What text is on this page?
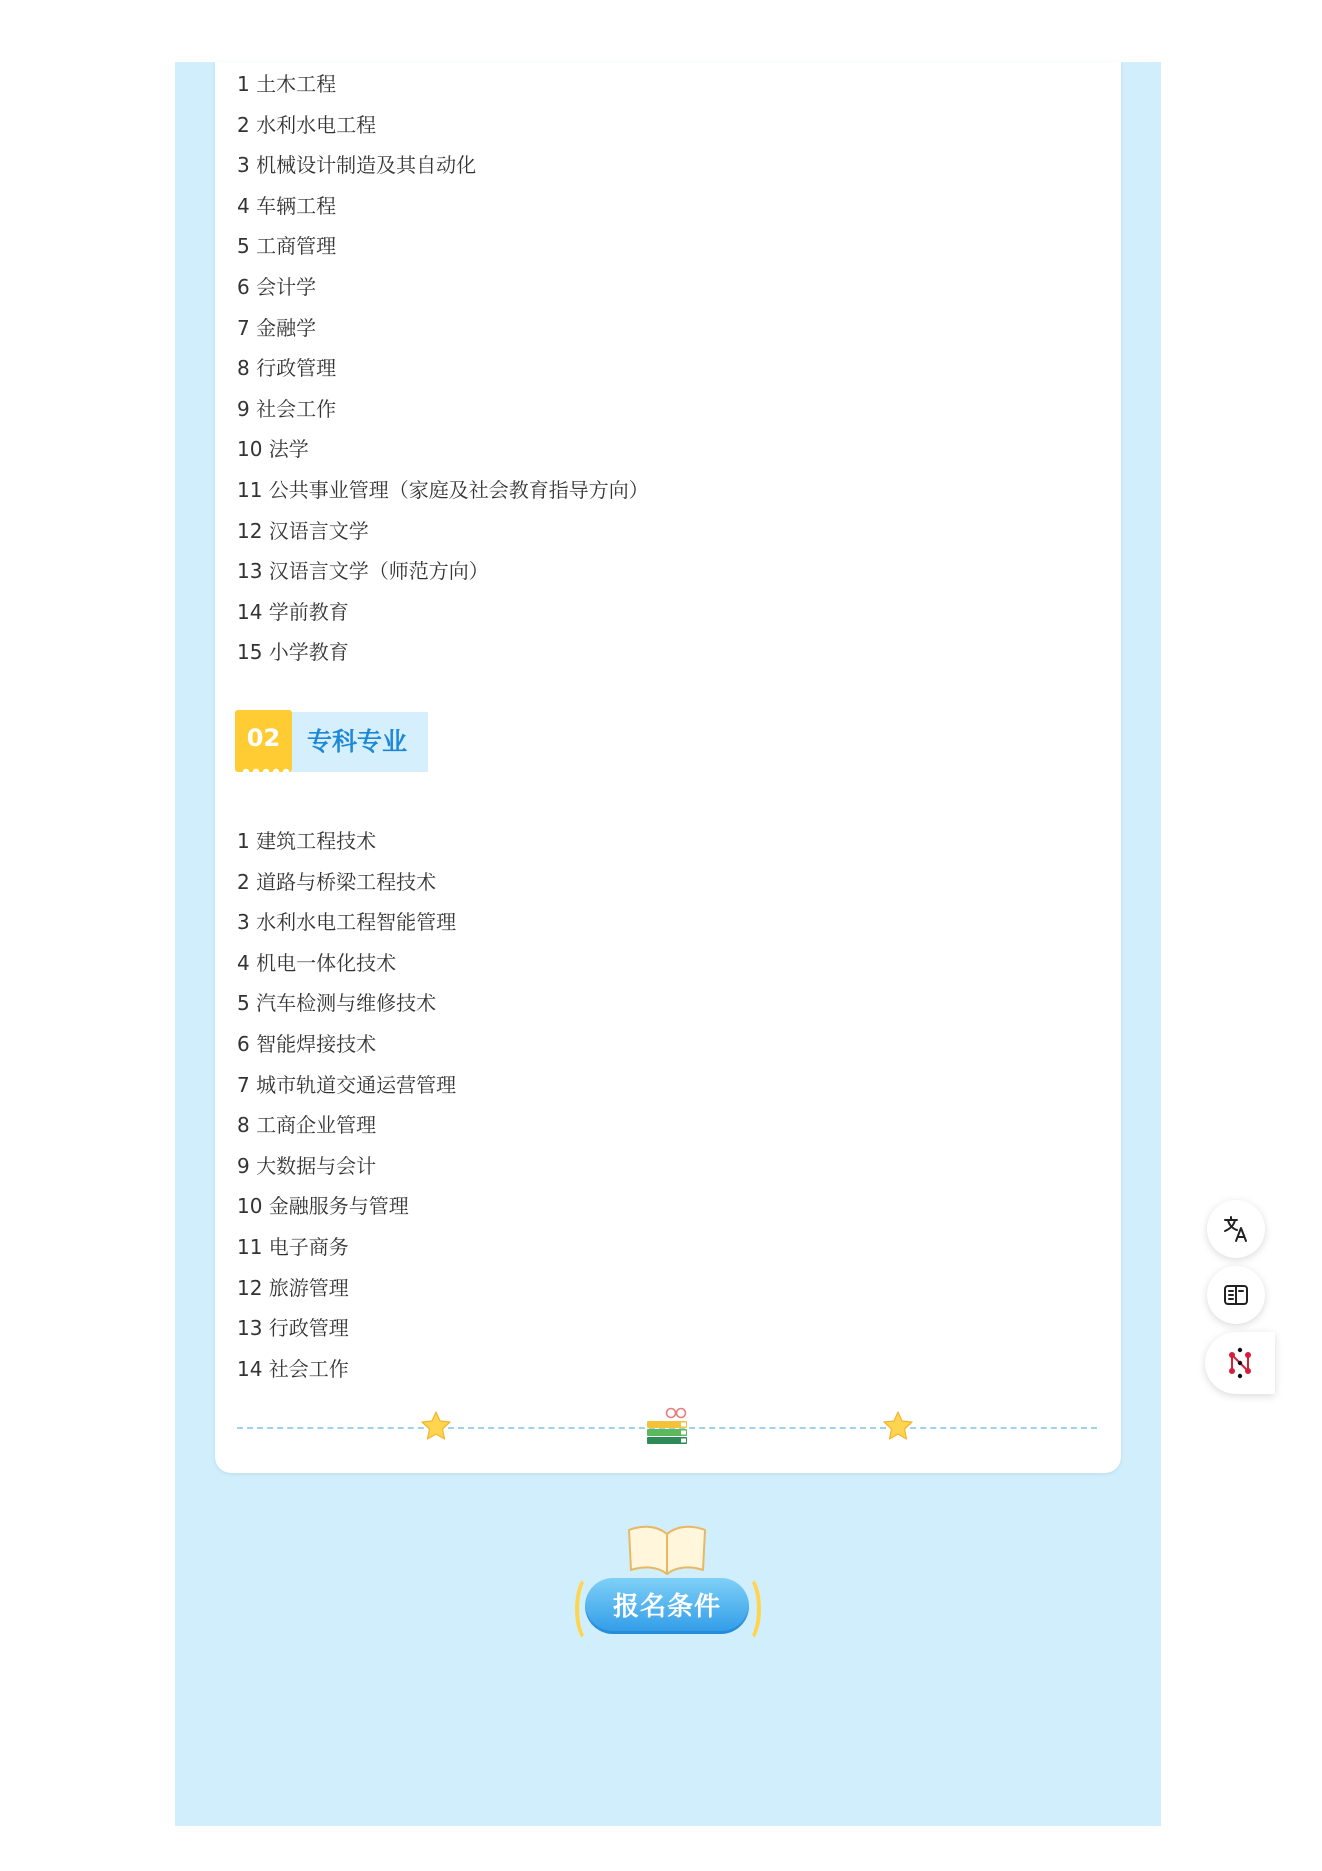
1 土木工程
2 水利水电工程
3 机械设计制造及其自动化
4 车辆工程
5 工商管理
6 会计学
7 金融学
8 行政管理
9 社会工作
10 法学
11 公共事业管理（家庭及社会教育指导方向）
12 汉语言文学
13 汉语言文学（师范方向）
14 学前教育
15 小学教育
02	专科专业
1 建筑工程技术
2 道路与桥梁工程技术
3 水利水电工程智能管理
4 机电一体化技术
5 汽车检测与维修技术
6 智能焊接技术
7 城市轨道交通运营管理
8 工商企业管理
9 大数据与会计
10 金融服务与管理
11 电子商务
12 旅游管理
13 行政管理
14 社会工作
报名条件
